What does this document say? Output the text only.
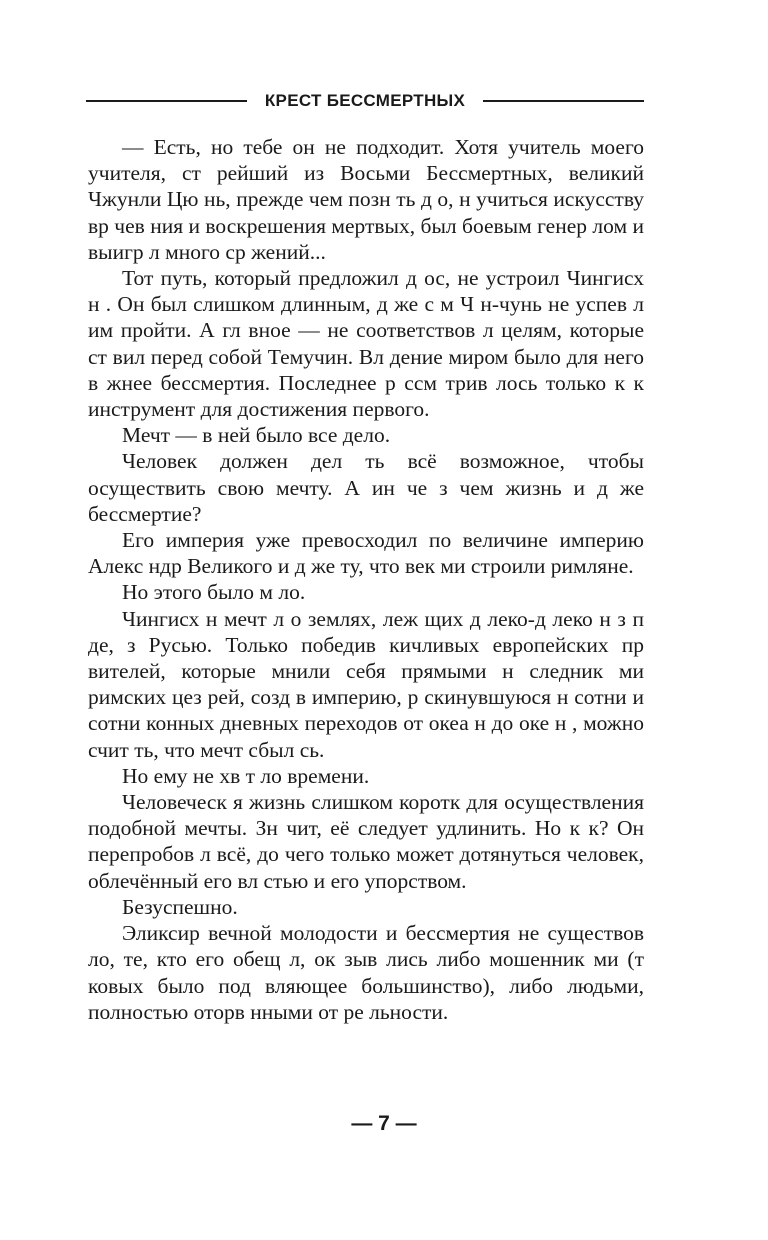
КРЕСТ БЕССМЕРТНЫХ

— Есть, но тебе он не подходит. Хотя учитель моего учителя, ст рейший из Восьми Бессмертных, великий Чжунли Цю нь, прежде чем позн ть д о, н учиться искусству вр чев ния и воскрешения мертвых, был боевым генер лом и выигр л много ср жений...

Тот путь, который предложил д ос, не устроил Чингисх н . Он был слишком длинным, д же с м Ч н-чунь не успев л им пройти. А гл вное — не соответствов л целям, которые ст вил перед собой Темучин. Вл дение миром было для него в жнее бессмертия. Последнее р ссм трив лось только к к инструмент для достижения первого.

Мечт — в ней было все дело.

Человек должен дел ть всё возможное, чтобы осуществить свою мечту. А ин че з чем жизнь и д же бессмертие?

Его империя уже превосходил по величине империю Алекс ндр Великого и д же ту, что век ми строили римляне.

Но этого было м ло.

Чингисх н мечт л о землях, леж щих д леко-д леко н з п де, з Русью. Только победив кичливых европейских пр вителей, которые мнили себя прямыми н следник ми римских цез рей, созд в империю, р скинувшуюся н сотни и сотни конных дневных переходов от океа н до оке н , можно счит ть, что мечт сбыл сь.

Но ему не хв т ло времени.

Человеческ я жизнь слишком коротк для осуществления подобной мечты. Зн чит, её следует удлинить. Но к к? Он перепробов л всё, до чего только может дотянуться человек, облечённый его вл стью и его упорством.

Безуспешно.

Эликсир вечной молодости и бессмертия не существов ло, те, кто его обещ л, ок зыв лись либо мошенник ми (т ковых было под вляющее большинство), либо людьми, полностью оторв нными от ре льности.

— 7 —
